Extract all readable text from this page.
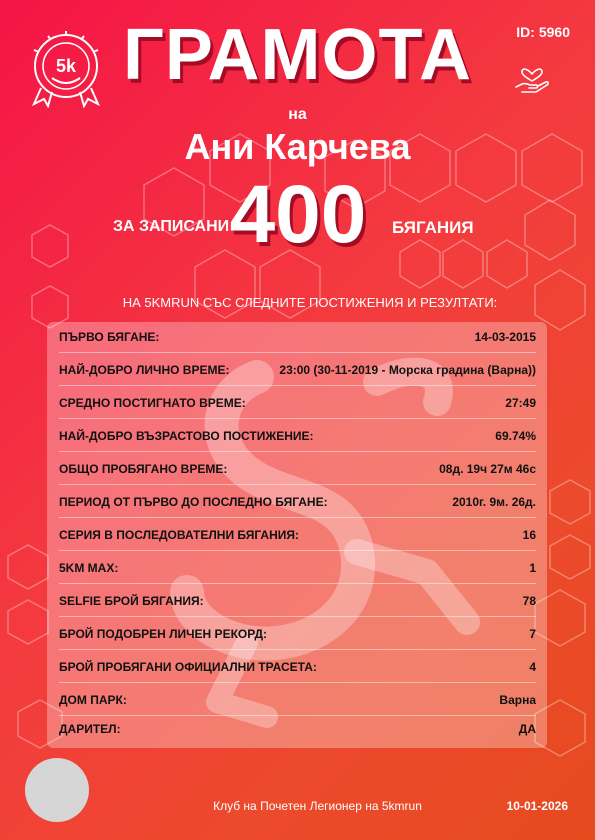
5k
ID: 5960
ГРАМОТА
на
Ани Карчева
ЗА ЗАПИСАНИ 400	БЯГАНИЯ
НА 5KMRUN СЪС СЛЕДНИТЕ ПОСТИЖЕНИЯ И РЕЗУЛТАТИ:
ПЪРВО БЯГАНЕ:	14-03-2015
НАЙ-ДОБРО ЛИЧНО ВРЕМЕ:	23:00 (30-11-2019 - Морска градина (Варна))
СРЕДНО ПОСТИГНАТО ВРЕМЕ:	27:49
НАЙ-ДОБРО ВЪЗРАСТОВО ПОСТИЖЕНИЕ:	69.74%
ОБЩО ПРОБЯГАНО ВРЕМЕ:	08д. 19ч 27м 46с
ПЕРИОД ОТ ПЪРВО ДО ПОСЛЕДНО БЯГАНЕ:	2010г. 9м. 26д.
СЕРИЯ В ПОСЛЕДОВАТЕЛНИ БЯГАНИЯ:	16
5KM MAX:	1
SELFIE БРОЙ БЯГАНИЯ:	78
БРОЙ ПОДОБРЕН ЛИЧЕН РЕКОРД:	7
БРОЙ ПРОБЯГАНИ ОФИЦИАЛНИ ТРАСЕТА:	4
ДОМ ПАРК:	Варна
ДАРИТЕЛ:	ДА
Клуб на Почетен Легионер на 5kmrun	10-01-2026
